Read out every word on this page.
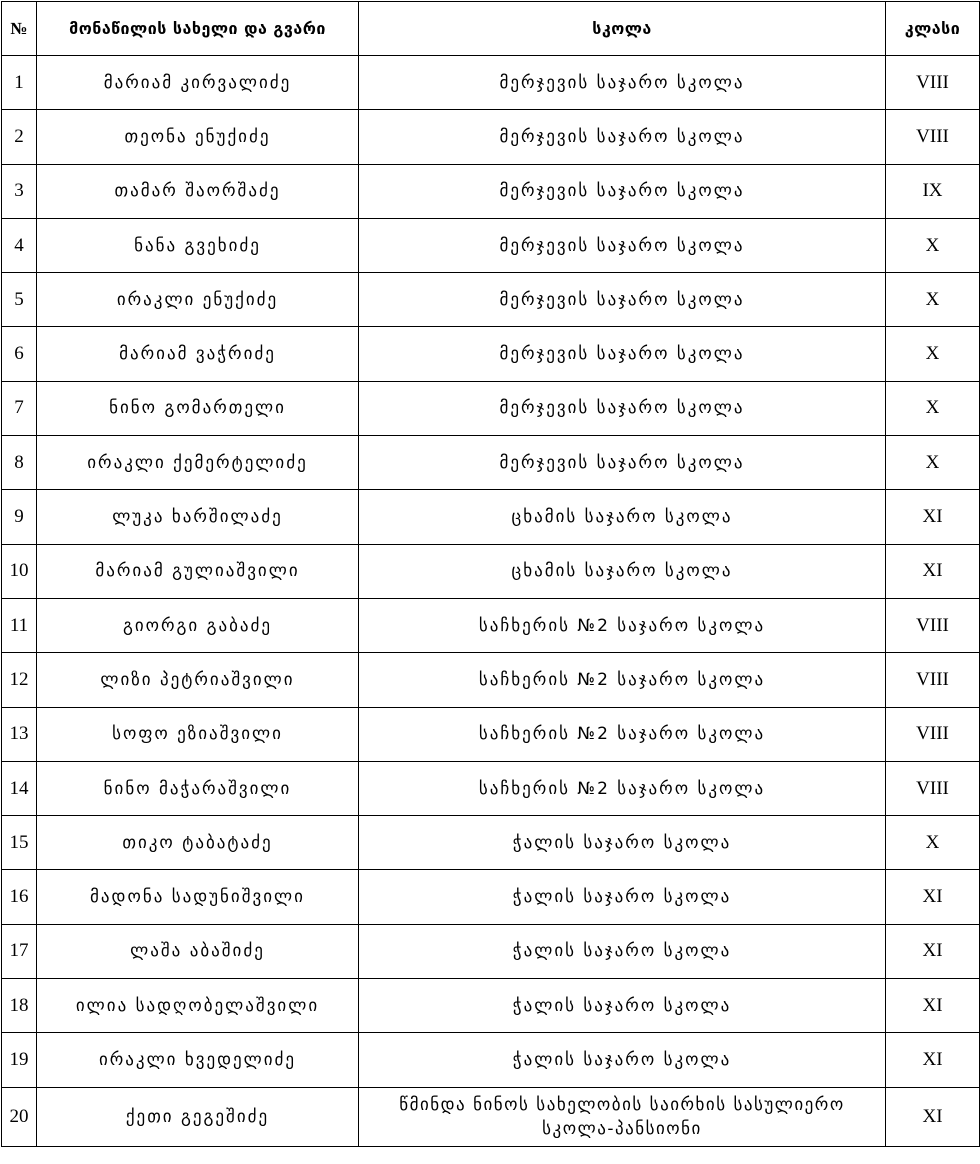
№	მონაწილის სახელი და გვარი	სკოლა	კლასი
1	მარიამ კირვალიძე	მერჯევის საჯარო სკოლა	VIII
2	თეონა ენუქიძე	მერჯევის საჯარო სკოლა	VIII
3	თამარ შაორშაძე	მერჯევის საჯარო სკოლა	IX
4	ნანა გვეხიძე	მერჯევის საჯარო სკოლა	X
5	ირაკლი ენუქიძე	მერჯევის საჯარო სკოლა	X
6	მარიამ ვაჭრიძე	მერჯევის საჯარო სკოლა	X
7	ნინო გომართელი	მერჯევის საჯარო სკოლა	X
8	ირაკლი ქემერტელიძე	მერჯევის საჯარო სკოლა	X
9	ლუკა ხარშილაძე	ცხამის საჯარო სკოლა	XI
10	მარიამ გულიაშვილი	ცხამის საჯარო სკოლა	XI
11	გიორგი გაბაძე	საჩხერის №2 საჯარო სკოლა	VIII
12	ლიზი პეტრიაშვილი	საჩხერის №2 საჯარო სკოლა	VIII
13	სოფო ეზიაშვილი	საჩხერის №2 საჯარო სკოლა	VIII
14	ნინო მაჭარაშვილი	საჩხერის №2 საჯარო სკოლა	VIII
15	თიკო ტაბატაძე	ჭალის საჯარო სკოლა	X
16	მადონა სადუნიშვილი	ჭალის საჯარო სკოლა	XI
17	ლაშა აბაშიძე	ჭალის საჯარო სკოლა	XI
18	ილია სადღობელაშვილი	ჭალის საჯარო სკოლა	XI
19	ირაკლი ხვედელიძე	ჭალის საჯარო სკოლა	XI
20	ქეთი გეგეშიძე	წმინდა ნინოს სახელობის საირხის სასულიერო სკოლა-პანსიონი	XI
